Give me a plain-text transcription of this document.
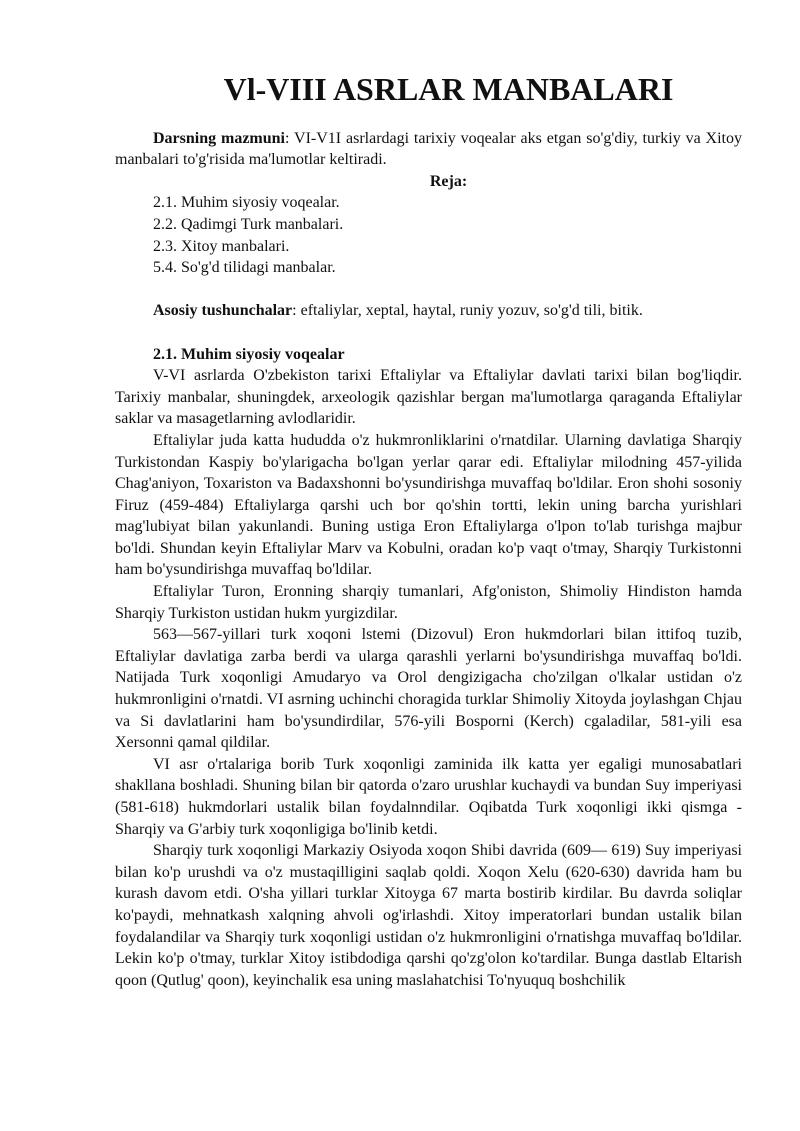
Vl-VIII ASRLAR MANBALARI

Darsning mazmuni: VI-V1I asrlardagi tarixiy voqealar aks etgan so'g'diy, turkiy va Xitoy manbalari to'g'risida ma'lumotlar keltiradi.

Reja:

2.1. Muhim siyosiy voqealar.
2.2. Qadimgi Turk manbalari.
2.3. Xitoy manbalari.
5.4. So'g'd tilidagi manbalar.

Asosiy tushunchalar: eftaliylar, xeptal, haytal, runiy yozuv, so'g'd tili, bitik.

2.1. Muhim siyosiy voqealar

V-VI asrlarda O'zbekiston tarixi Eftaliylar va Eftaliylar davlati tarixi bilan bog'liqdir. Tarixiy manbalar, shuningdek, arxeologik qazishlar bergan ma'lumotlarga qaraganda Eftaliylar saklar va masagetlarning avlodlaridir.

Eftaliylar juda katta hududda o'z hukmronliklarini o'rnatdilar. Ularning davlatiga Sharqiy Turkistondan Kaspiy bo'ylarigacha bo'lgan yerlar qarar edi. Eftaliylar milodning 457-yilida Chag'aniyon, Toxariston va Badaxshonni bo'ysundirishga muvaffaq bo'ldilar. Eron shohi sosoniy Firuz (459-484) Eftaliylarga qarshi uch bor qo'shin tortti, lekin uning barcha yurishlari mag'lubiyat bilan yakunlandi. Buning ustiga Eron Eftaliylarga o'lpon to'lab turishga majbur bo'ldi. Shundan keyin Eftaliylar Marv va Kobulni, oradan ko'p vaqt o'tmay, Sharqiy Turkistonni ham bo'ysundirishga muvaffaq bo'ldilar.

Eftaliylar Turon, Eronning sharqiy tumanlari, Afg'oniston, Shimoliy Hindiston hamda Sharqiy Turkiston ustidan hukm yurgizdilar.

563—567-yillari turk xoqoni lstemi (Dizovul) Eron hukmdorlari bilan ittifoq tuzib, Eftaliylar davlatiga zarba berdi va ularga qarashli yerlarni bo'ysundirishga muvaffaq bo'ldi. Natijada Turk xoqonligi Amudaryo va Orol dengizigacha cho'zilgan o'lkalar ustidan o'z hukmronligini o'rnatdi. VI asrning uchinchi choragida turklar Shimoliy Xitoyda joylashgan Chjau va Si davlatlarini ham bo'ysundirdilar, 576-yili Bosporni (Kerch) cgaladilar, 581-yili esa Xersonni qamal qildilar.

VI asr o'rtalariga borib Turk xoqonligi zaminida ilk katta yer egaligi munosabatlari shakllana boshladi. Shuning bilan bir qatorda o'zaro urushlar kuchaydi va bundan Suy imperiyasi (581-618) hukmdorlari ustalik bilan foydalnndilar. Oqibatda Turk xoqonligi ikki qismga - Sharqiy va G'arbiy turk xoqonligiga bo'linib ketdi.

Sharqiy turk xoqonligi Markaziy Osiyoda xoqon Shibi davrida (609— 619) Suy imperiyasi bilan ko'p urushdi va o'z mustaqilligini saqlab qoldi. Xoqon Xelu (620-630) davrida ham bu kurash davom etdi. O'sha yillari turklar Xitoyga 67 marta bostirib kirdilar. Bu davrda soliqlar ko'paydi, mehnatkash xalqning ahvoli og'irlashdi. Xitoy imperatorlari bundan ustalik bilan foydalandilar va Sharqiy turk xoqonligi ustidan o'z hukmronligini o'rnatishga muvaffaq bo'ldilar. Lekin ko'p o'tmay, turklar Xitoy istibdodiga qarshi qo'zg'olon ko'tardilar. Bunga dastlab Eltarish qoon (Qutlug' qoon), keyinchalik esa uning maslahatchisi To'nyuquq boshchilik
